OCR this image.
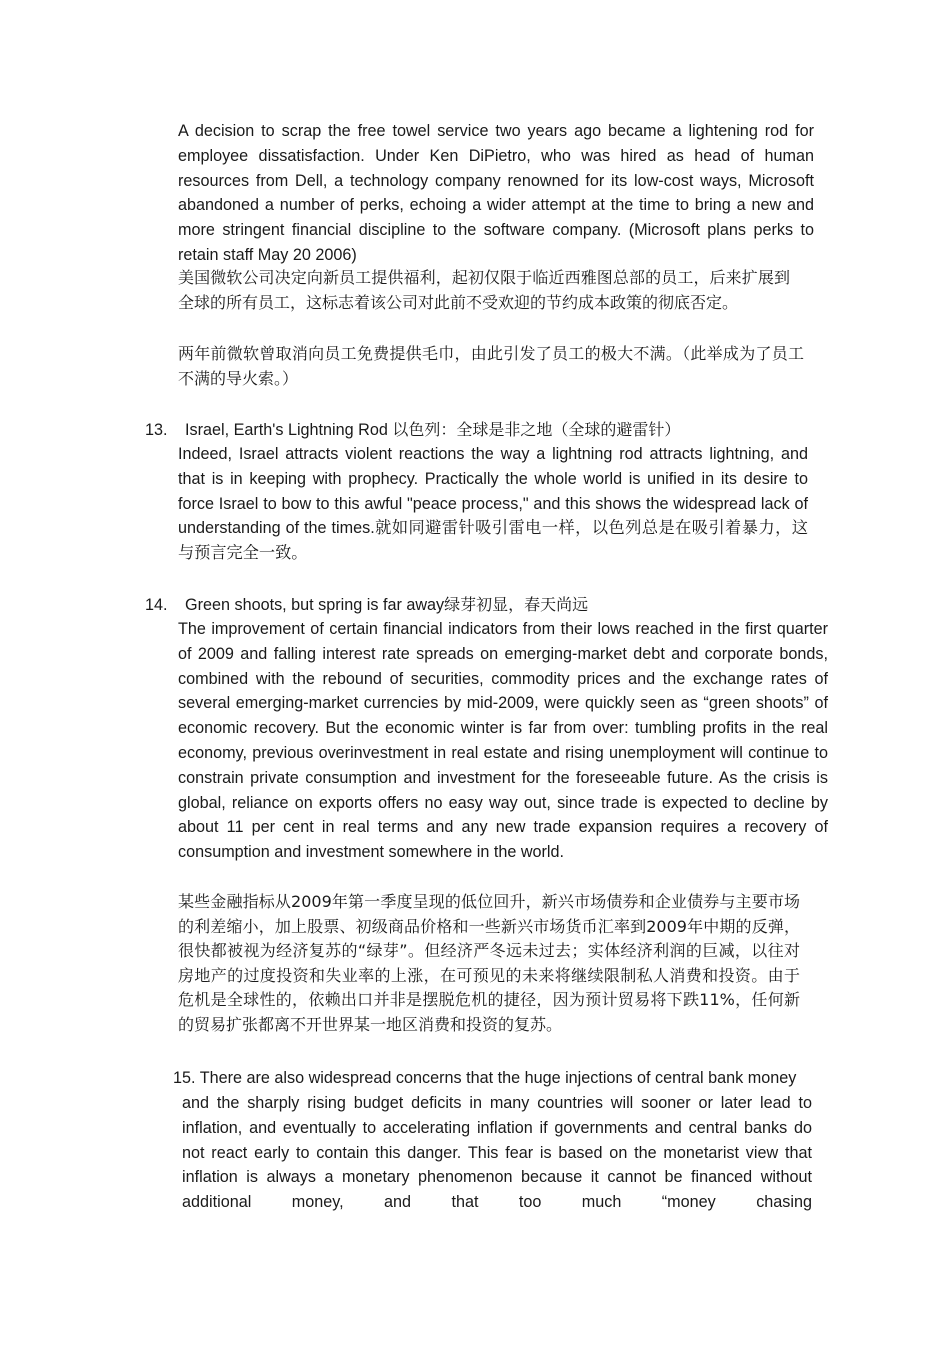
A decision to scrap the free towel service two years ago became a lightening rod for employee dissatisfaction. Under Ken DiPietro, who was hired as head of human resources from Dell, a technology company renowned for its low-cost ways, Microsoft abandoned a number of perks, echoing a wider attempt at the time to bring a new and more stringent financial discipline to the software company. (Microsoft plans perks to retain staff May 20 2006)

美国微软公司决定向新员工提供福利，起初仅限于临近西雅图总部的员工，后来扩展到全球的所有员工，这标志着该公司对此前不受欢迎的节约成本政策的彻底否定。

两年前微软曾取消向员工免费提供毛巾，由此引发了员工的极大不满。（此举成为了员工不满的导火索。）

13. Israel, Earth's Lightning Rod 以色列：全球是非之地（全球的避雷针）

Indeed, Israel attracts violent reactions the way a lightning rod attracts lightning, and that is in keeping with prophecy. Practically the whole world is unified in its desire to force Israel to bow to this awful "peace process," and this shows the widespread lack of understanding of the times.就如同避雷针吸引雷电一样，以色列总是在吸引着暴力，这与预言完全一致。

14. Green shoots, but spring is far away绿芽初显，春天尚远

The improvement of certain financial indicators from their lows reached in the first quarter of 2009 and falling interest rate spreads on emerging-market debt and corporate bonds, combined with the rebound of securities, commodity prices and the exchange rates of several emerging-market currencies by mid-2009, were quickly seen as “green shoots” of economic recovery. But the economic winter is far from over: tumbling profits in the real economy, previous overinvestment in real estate and rising unemployment will continue to constrain private consumption and investment for the foreseeable future. As the crisis is global, reliance on exports offers no easy way out, since trade is expected to decline by about 11 per cent in real terms and any new trade expansion requires a recovery of consumption and investment somewhere in the world.

某些金融指标从2009年第一季度呈现的低位回升，新兴市场债券和企业债券与主要市场的利差缩小，加上股票、初级商品价格和一些新兴市场货币汇率到2009年中期的反弹，很快都被视为经济复苏的“绿芽”。但经济严冬远未过去；实体经济利润的巨减，以往对房地产的过度投资和失业率的上涨，在可预见的未来将继续限制私人消费和投资。由于危机是全球性的，依赖出口并非是摆脱危机的捷径，因为预计贸易将下跌11%，任何新的贸易扩张都离不开世界某一地区消费和投资的复苏。

15. There are also widespread concerns that the huge injections of central bank money

and the sharply rising budget deficits in many countries will sooner or later lead to inflation, and eventually to accelerating inflation if governments and central banks do not react early to contain this danger. This fear is based on the monetarist view that inflation is always a monetary phenomenon because it cannot be financed without additional money, and that too much “money chasing
